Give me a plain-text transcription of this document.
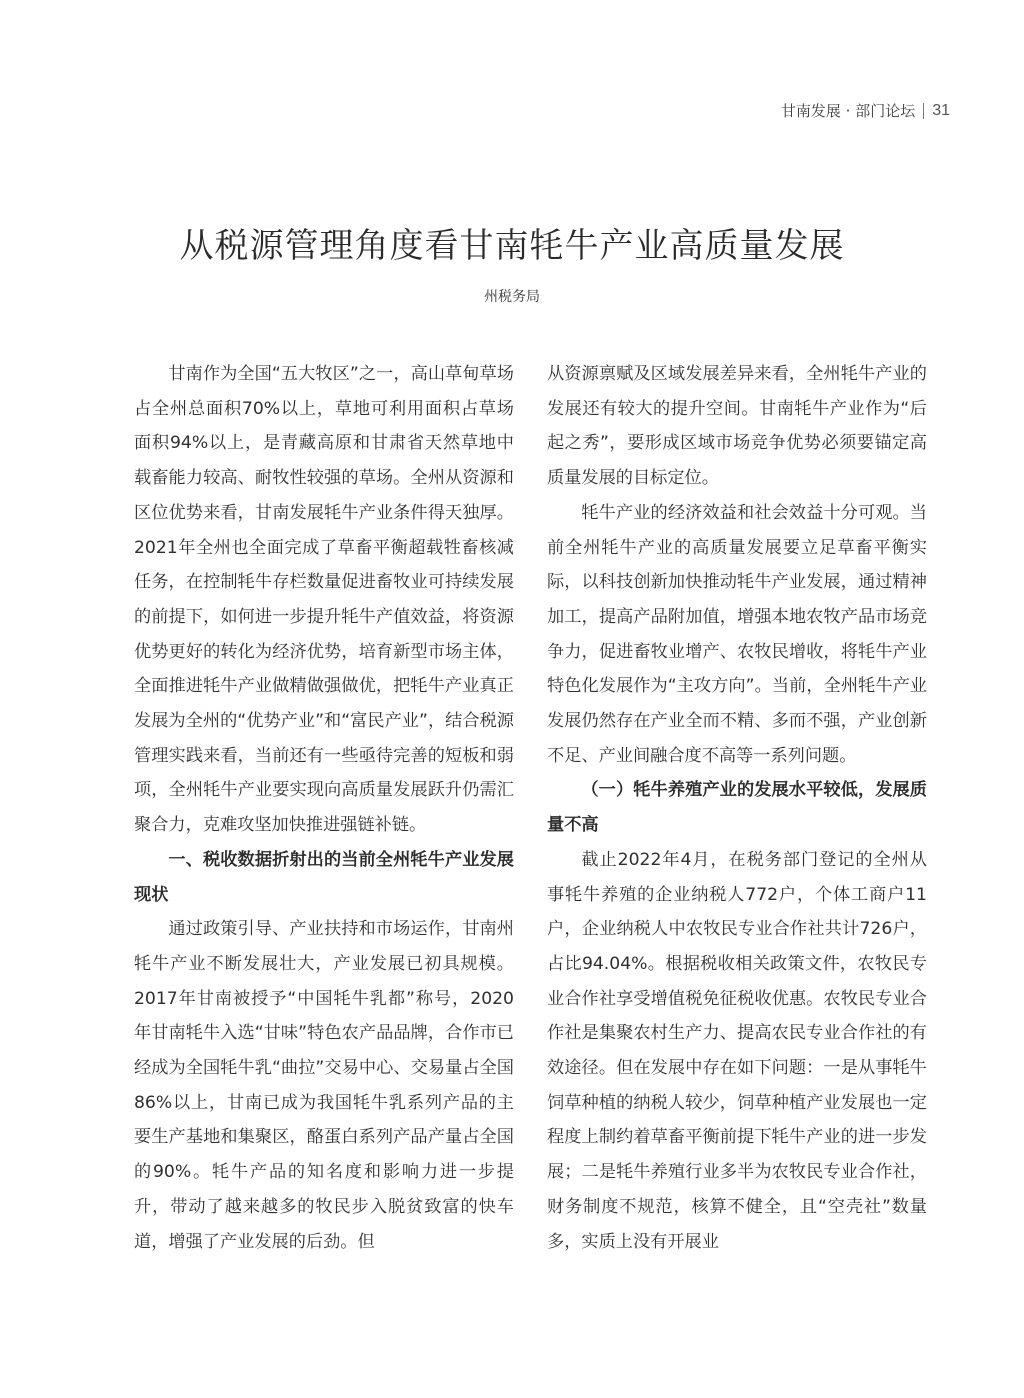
甘南发展 · 部门论坛 31
从税源管理角度看甘南牦牛产业高质量发展
州税务局

甘南作为全国“五大牧区”之一，高山草甸草场占全州总面积70%以上，草地可利用面积占草场面积94%以上，是青藏高原和甘肃省天然草地中载畜能力较高、耐牧性较强的草场。全州从资源和区位优势来看，甘南发展牦牛产业条件得天独厚。2021年全州也全面完成了草畜平衡超载牲畜核减任务，在控制牦牛存栏数量促进畜牧业可持续发展的前提下，如何进一步提升牦牛产值效益，将资源优势更好的转化为经济优势，培育新型市场主体，全面推进牦牛产业做精做强做优，把牦牛产业真正发展为全州的“优势产业”和“富民产业”，结合税源管理实践来看，当前还有一些亟待完善的短板和弱项，全州牦牛产业要实现向高质量发展跃升仍需汇聚合力，克难攻坚加快推进强链补链。

一、税收数据折射出的当前全州牦牛产业发展现状

通过政策引导、产业扶持和市场运作，甘南州牦牛产业不断发展壮大，产业发展已初具规模。2017年甘南被授予“中国牦牛乳都”称号，2020年甘南牦牛入选“甘味”特色农产品品牌，合作市已经成为全国牦牛乳“曲拉”交易中心、交易量占全国86%以上，甘南已成为我国牦牛乳系列产品的主要生产基地和集聚区，酪蛋白系列产品产量占全国的90%。牦牛产品的知名度和影响力进一步提升，带动了越来越多的牧民步入脱贫致富的快车道，增强了产业发展的后劲。但

从资源禀赋及区域发展差异来看，全州牦牛产业的发展还有较大的提升空间。甘南牦牛产业作为“后起之秀”，要形成区域市场竞争优势必须要锚定高质量发展的目标定位。

牦牛产业的经济效益和社会效益十分可观。当前全州牦牛产业的高质量发展要立足草畜平衡实际，以科技创新加快推动牦牛产业发展，通过精神加工，提高产品附加值，增强本地农牧产品市场竞争力，促进畜牧业增产、农牧民增收，将牦牛产业特色化发展作为“主攻方向”。当前，全州牦牛产业发展仍然存在产业全而不精、多而不强，产业创新不足、产业间融合度不高等一系列问题。

（一）牦牛养殖产业的发展水平较低，发展质量不高

截止2022年4月，在税务部门登记的全州从事牦牛养殖的企业纳税人772户，个体工商户11户，企业纳税人中农牧民专业合作社共计726户，占比94.04%。根据税收相关政策文件，农牧民专业合作社享受增值税免征税收优惠。农牧民专业合作社是集聚农村生产力、提高农民专业合作社的有效途径。但在发展中存在如下问题：一是从事牦牛饲草种植的纳税人较少，饲草种植产业发展也一定程度上制约着草畜平衡前提下牦牛产业的进一步发展；二是牦牛养殖行业多半为农牧民专业合作社，财务制度不规范，核算不健全，且“空壳社”数量多，实质上没有开展业
